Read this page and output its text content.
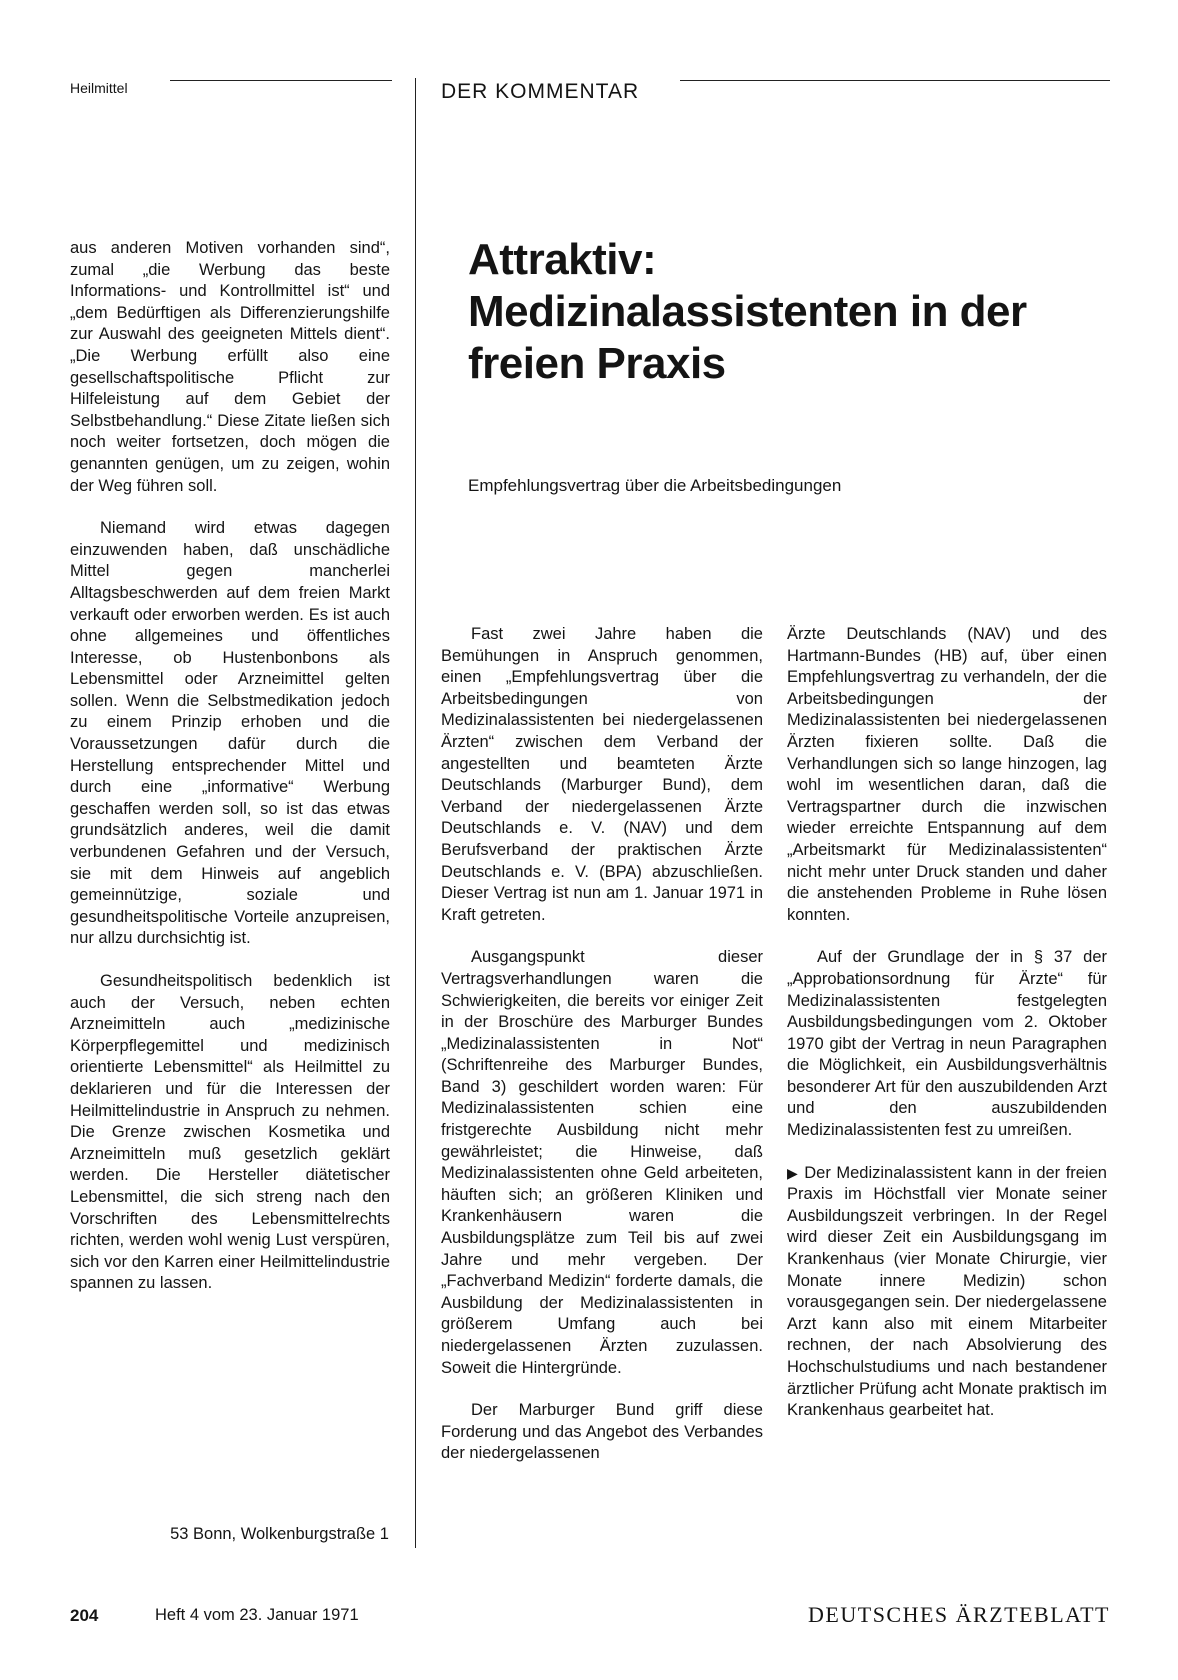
Heilmittel	DER KOMMENTAR

aus anderen Motiven vorhanden sind“, zumal „die Werbung das beste Informations- und Kontrollmittel ist“ und „dem Bedürftigen als Differenzierungshilfe zur Auswahl des geeigneten Mittels dient“. „Die Werbung erfüllt also eine gesellschaftspolitische Pflicht zur Hilfeleistung auf dem Gebiet der Selbstbehandlung.“ Diese Zitate ließen sich noch weiter fortsetzen, doch mögen die genannten genügen, um zu zeigen, wohin der Weg führen soll.

Niemand wird etwas dagegen einzuwenden haben, daß unschädliche Mittel gegen mancherlei Alltagsbeschwerden auf dem freien Markt verkauft oder erworben werden. Es ist auch ohne allgemeines und öffentliches Interesse, ob Hustenbonbons als Lebensmittel oder Arzneimittel gelten sollen. Wenn die Selbstmedikation jedoch zu einem Prinzip erhoben und die Voraussetzungen dafür durch die Herstellung entsprechender Mittel und durch eine „informative“ Werbung geschaffen werden soll, so ist das etwas grundsätzlich anderes, weil die damit verbundenen Gefahren und der Versuch, sie mit dem Hinweis auf angeblich gemeinnützige, soziale und gesundheitspolitische Vorteile anzupreisen, nur allzu durchsichtig ist.

Gesundheitspolitisch bedenklich ist auch der Versuch, neben echten Arzneimitteln auch „medizinische Körperpflegemittel und medizinisch orientierte Lebensmittel“ als Heilmittel zu deklarieren und für die Interessen der Heilmittelindustrie in Anspruch zu nehmen. Die Grenze zwischen Kosmetika und Arzneimitteln muß gesetzlich geklärt werden. Die Hersteller diätetischer Lebensmittel, die sich streng nach den Vorschriften des Lebensmittelrechts richten, werden wohl wenig Lust verspüren, sich vor den Karren einer Heilmittelindustrie spannen zu lassen.

53 Bonn, Wolkenburgstraße 1
Attraktiv:
Medizinalassistenten in der
freien Praxis
Empfehlungsvertrag über die Arbeitsbedingungen

Fast zwei Jahre haben die Bemühungen in Anspruch genommen, einen „Empfehlungsvertrag über die Arbeitsbedingungen von Medizinalassistenten bei niedergelassenen Ärzten“ zwischen dem Verband der angestellten und beamteten Ärzte Deutschlands (Marburger Bund), dem Verband der niedergelassenen Ärzte Deutschlands e. V. (NAV) und dem Berufsverband der praktischen Ärzte Deutschlands e. V. (BPA) abzuschließen. Dieser Vertrag ist nun am 1. Januar 1971 in Kraft getreten.

Ausgangspunkt dieser Vertragsverhandlungen waren die Schwierigkeiten, die bereits vor einiger Zeit in der Broschüre des Marburger Bundes „Medizinalassistenten in Not“ (Schriftenreihe des Marburger Bundes, Band 3) geschildert worden waren: Für Medizinalassistenten schien eine fristgerechte Ausbildung nicht mehr gewährleistet; die Hinweise, daß Medizinalassistenten ohne Geld arbeiteten, häuften sich; an größeren Kliniken und Krankenhäusern waren die Ausbildungsplätze zum Teil bis auf zwei Jahre und mehr vergeben. Der „Fachverband Medizin“ forderte damals, die Ausbildung der Medizinalassistenten in größerem Umfang auch bei niedergelassenen Ärzten zuzulassen. Soweit die Hintergründe.

Der Marburger Bund griff diese Forderung und das Angebot des Verbandes der niedergelassenen

Ärzte Deutschlands (NAV) und des Hartmann-Bundes (HB) auf, über einen Empfehlungsvertrag zu verhandeln, der die Arbeitsbedingungen der Medizinalassistenten bei niedergelassenen Ärzten fixieren sollte. Daß die Verhandlungen sich so lange hinzogen, lag wohl im wesentlichen daran, daß die Vertragspartner durch die inzwischen wieder erreichte Entspannung auf dem „Arbeitsmarkt für Medizinalassistenten“ nicht mehr unter Druck standen und daher die anstehenden Probleme in Ruhe lösen konnten.

Auf der Grundlage der in § 37 der „Approbationsordnung für Ärzte“ für Medizinalassistenten festgelegten Ausbildungsbedingungen vom 2. Oktober 1970 gibt der Vertrag in neun Paragraphen die Möglichkeit, ein Ausbildungsverhältnis besonderer Art für den auszubildenden Arzt und den auszubildenden Medizinalassistenten fest zu umreißen.

▶ Der Medizinalassistent kann in der freien Praxis im Höchstfall vier Monate seiner Ausbildungszeit verbringen. In der Regel wird dieser Zeit ein Ausbildungsgang im Krankenhaus (vier Monate Chirurgie, vier Monate innere Medizin) schon vorausgegangen sein. Der niedergelassene Arzt kann also mit einem Mitarbeiter rechnen, der nach Absolvierung des Hochschulstudiums und nach bestandener ärztlicher Prüfung acht Monate praktisch im Krankenhaus gearbeitet hat.

204	Heft 4 vom 23. Januar 1971	DEUTSCHES ÄRZTEBLATT
